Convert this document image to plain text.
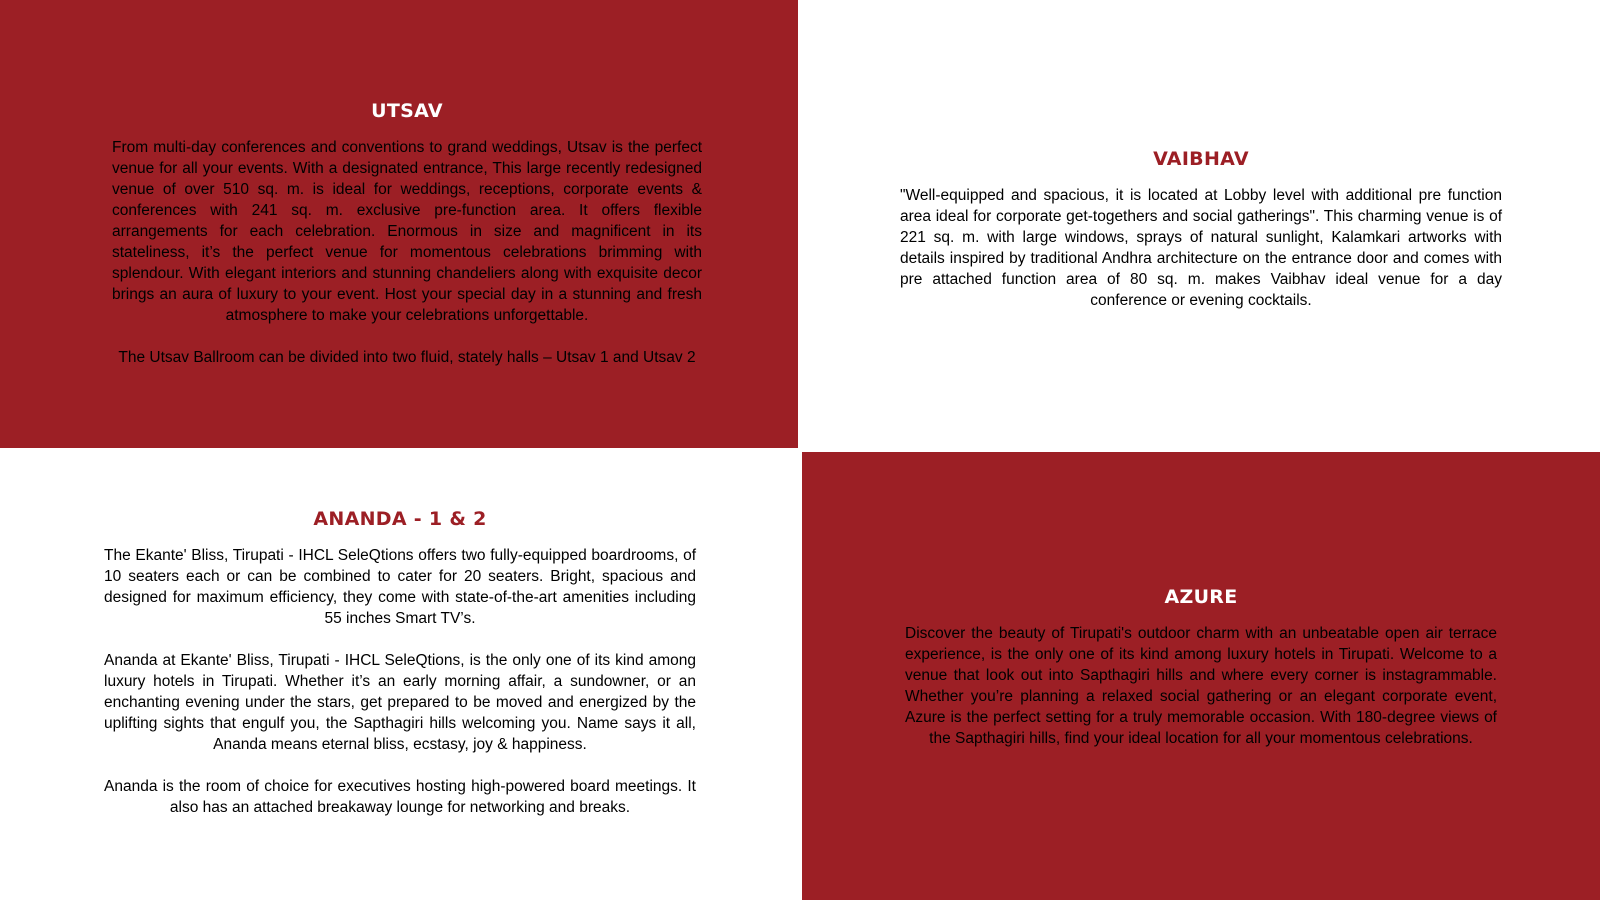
UTSAV

From multi-day conferences and conventions to grand weddings, Utsav is the perfect venue for all your events. With a designated entrance, This large recently redesigned venue of over 510 sq. m. is ideal for weddings, receptions, corporate events & conferences with 241 sq. m. exclusive pre-function area. It offers flexible arrangements for each celebration. Enormous in size and magnificent in its stateliness, it’s the perfect venue for momentous celebrations brimming with splendour. With elegant interiors and stunning chandeliers along with exquisite decor brings an aura of luxury to your event. Host your special day in a stunning and fresh atmosphere to make your celebrations unforgettable.

The Utsav Ballroom can be divided into two fluid, stately halls – Utsav 1 and Utsav 2

VAIBHAV

"Well-equipped and spacious, it is located at Lobby level with additional pre function area ideal for corporate get-togethers and social gatherings". This charming venue is of 221 sq. m. with large windows, sprays of natural sunlight, Kalamkari artworks with details inspired by traditional Andhra architecture on the entrance door and comes with pre attached function area of 80 sq. m. makes Vaibhav ideal venue for a day conference or evening cocktails.

ANANDA - 1 & 2

The Ekante' Bliss, Tirupati - IHCL SeleQtions offers two fully-equipped boardrooms, of 10 seaters each or can be combined to cater for 20 seaters. Bright, spacious and designed for maximum efficiency, they come with state-of-the-art amenities including 55 inches Smart TV’s.

Ananda at Ekante' Bliss, Tirupati - IHCL SeleQtions, is the only one of its kind among luxury hotels in Tirupati. Whether it’s an early morning affair, a sundowner, or an enchanting evening under the stars, get prepared to be moved and energized by the uplifting sights that engulf you, the Sapthagiri hills welcoming you. Name says it all, Ananda means eternal bliss, ecstasy, joy & happiness.

Ananda is the room of choice for executives hosting high-powered board meetings. It also has an attached breakaway lounge for networking and breaks.

AZURE

Discover the beauty of Tirupati's outdoor charm with an unbeatable open air terrace experience, is the only one of its kind among luxury hotels in Tirupati. Welcome to a venue that look out into Sapthagiri hills and where every corner is instagrammable. Whether you’re planning a relaxed social gathering or an elegant corporate event, Azure is the perfect setting for a truly memorable occasion. With 180-degree views of the Sapthagiri hills, find your ideal location for all your momentous celebrations.
